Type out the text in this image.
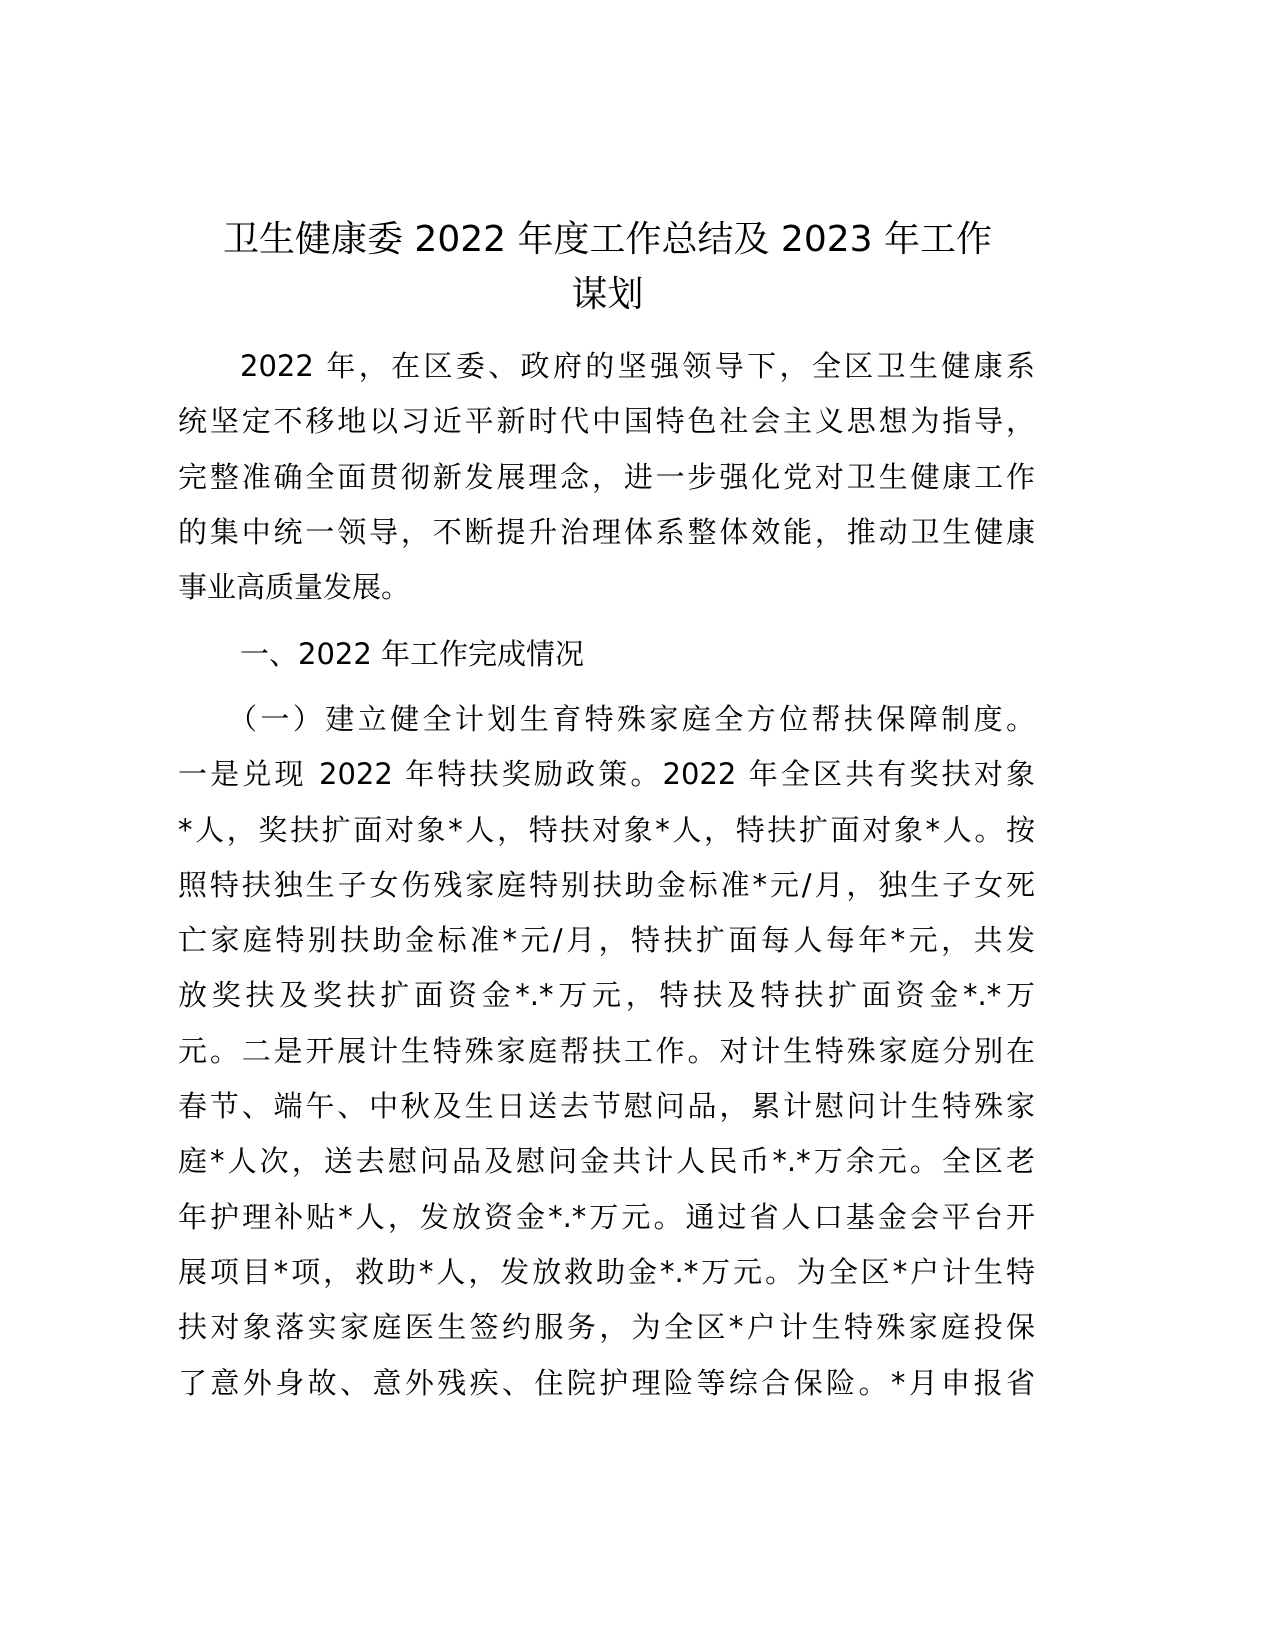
卫生健康委 2022 年度工作总结及 2023 年工作
谋划
2022 年，在区委、政府的坚强领导下，全区卫生健康系
统坚定不移地以习近平新时代中国特色社会主义思想为指导，
完整准确全面贯彻新发展理念，进一步强化党对卫生健康工作
的集中统一领导，不断提升治理体系整体效能，推动卫生健康
事业高质量发展。
一、2022 年工作完成情况
（一）建立健全计划生育特殊家庭全方位帮扶保障制度。
一是兑现 2022 年特扶奖励政策。2022 年全区共有奖扶对象
*人，奖扶扩面对象*人，特扶对象*人，特扶扩面对象*人。按
照特扶独生子女伤残家庭特别扶助金标准*元/月，独生子女死
亡家庭特别扶助金标准*元/月，特扶扩面每人每年*元，共发
放奖扶及奖扶扩面资金*.*万元，特扶及特扶扩面资金*.*万
元。二是开展计生特殊家庭帮扶工作。对计生特殊家庭分别在
春节、端午、中秋及生日送去节慰问品，累计慰问计生特殊家
庭*人次，送去慰问品及慰问金共计人民币*.*万余元。全区老
年护理补贴*人，发放资金*.*万元。通过省人口基金会平台开
展项目*项，救助*人，发放救助金*.*万元。为全区*户计生特
扶对象落实家庭医生签约服务，为全区*户计生特殊家庭投保
了意外身故、意外残疾、住院护理险等综合保险。*月申报省
